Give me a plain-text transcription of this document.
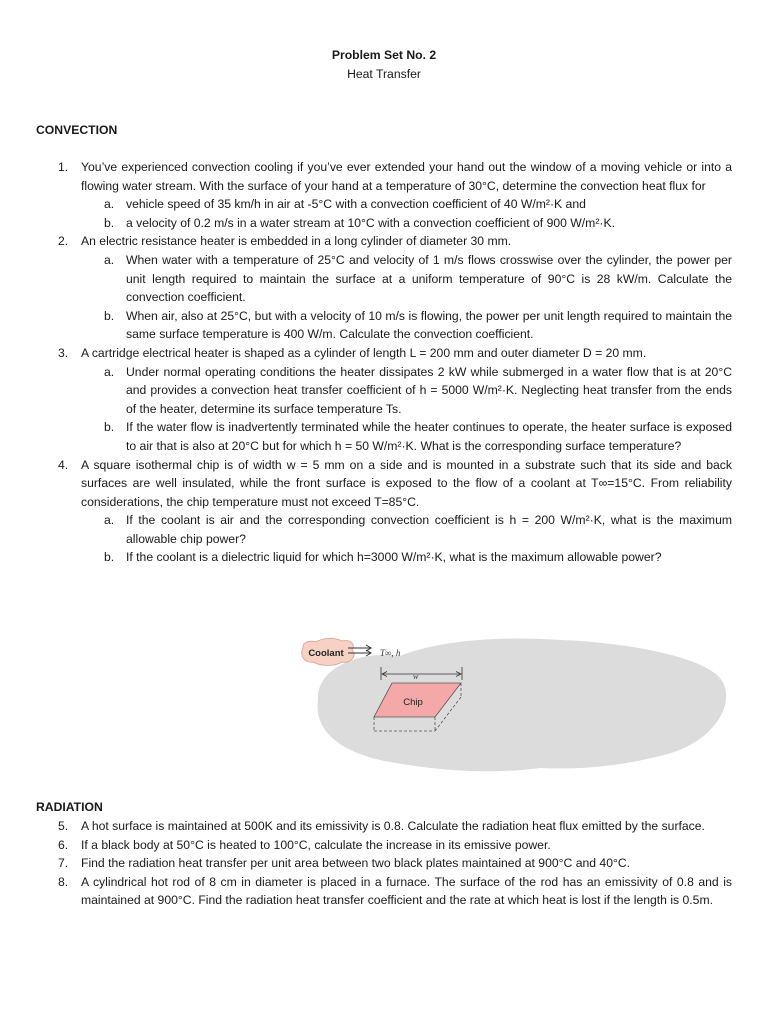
Problem Set No. 2
Heat Transfer
CONVECTION
1. You’ve experienced convection cooling if you’ve ever extended your hand out the window of a moving vehicle or into a flowing water stream. With the surface of your hand at a temperature of 30°C, determine the convection heat flux for
a. vehicle speed of 35 km/h in air at -5°C with a convection coefficient of 40 W/m²·K and
b. a velocity of 0.2 m/s in a water stream at 10°C with a convection coefficient of 900 W/m²·K.
2. An electric resistance heater is embedded in a long cylinder of diameter 30 mm.
a. When water with a temperature of 25°C and velocity of 1 m/s flows crosswise over the cylinder, the power per unit length required to maintain the surface at a uniform temperature of 90°C is 28 kW/m. Calculate the convection coefficient.
b. When air, also at 25°C, but with a velocity of 10 m/s is flowing, the power per unit length required to maintain the same surface temperature is 400 W/m. Calculate the convection coefficient.
3. A cartridge electrical heater is shaped as a cylinder of length L = 200 mm and outer diameter D = 20 mm.
a. Under normal operating conditions the heater dissipates 2 kW while submerged in a water flow that is at 20°C and provides a convection heat transfer coefficient of h = 5000 W/m²·K. Neglecting heat transfer from the ends of the heater, determine its surface temperature Ts.
b. If the water flow is inadvertently terminated while the heater continues to operate, the heater surface is exposed to air that is also at 20°C but for which h = 50 W/m²·K. What is the corresponding surface temperature?
4. A square isothermal chip is of width w = 5 mm on a side and is mounted in a substrate such that its side and back surfaces are well insulated, while the front surface is exposed to the flow of a coolant at T∞=15°C. From reliability considerations, the chip temperature must not exceed T=85°C.
a. If the coolant is air and the corresponding convection coefficient is h = 200 W/m²·K, what is the maximum allowable chip power?
b. If the coolant is a dielectric liquid for which h=3000 W/m²·K, what is the maximum allowable power?
Coolant	T∞, h
w
Chip
RADIATION
5. A hot surface is maintained at 500K and its emissivity is 0.8. Calculate the radiation heat flux emitted by the surface.
6. If a black body at 50°C is heated to 100°C, calculate the increase in its emissive power.
7. Find the radiation heat transfer per unit area between two black plates maintained at 900°C and 40°C.
8. A cylindrical hot rod of 8 cm in diameter is placed in a furnace. The surface of the rod has an emissivity of 0.8 and is maintained at 900°C. Find the radiation heat transfer coefficient and the rate at which heat is lost if the length is 0.5m.
